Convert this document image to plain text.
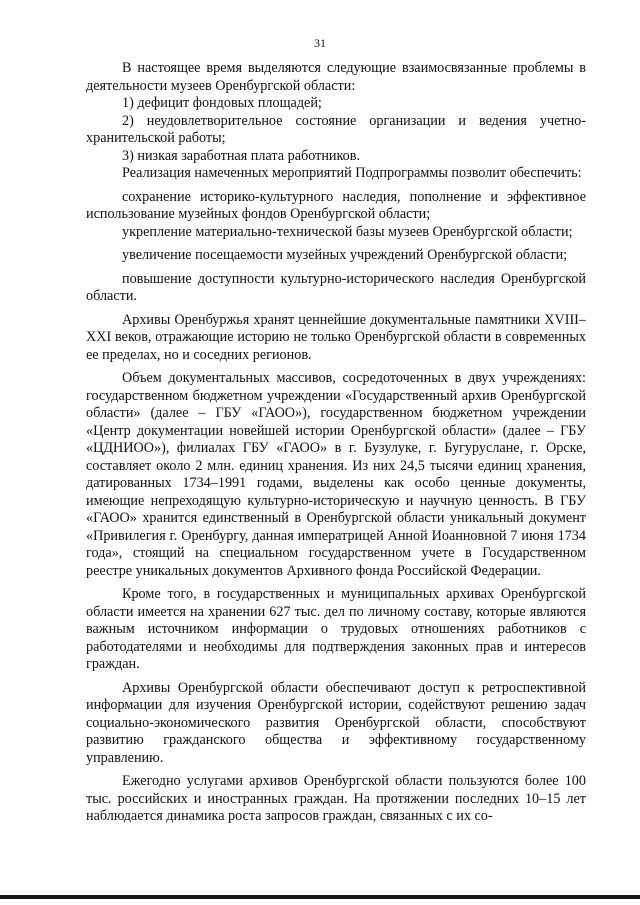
31

В настоящее время выделяются следующие взаимосвязанные проблемы в деятельности музеев Оренбургской области:

1) дефицит фондовых площадей;

2) неудовлетворительное состояние организации и ведения учетно-хранительской работы;

3) низкая заработная плата работников.

Реализация намеченных мероприятий Подпрограммы позволит обеспечить:

сохранение историко-культурного наследия, пополнение и эффективное использование музейных фондов Оренбургской области;

укрепление материально-технической базы музеев Оренбургской области;

увеличение посещаемости музейных учреждений Оренбургской области;

повышение доступности культурно-исторического наследия Оренбургской области.

Архивы Оренбуржья хранят ценнейшие документальные памятники XVIII–XXI веков, отражающие историю не только Оренбургской области в современных ее пределах, но и соседних регионов.

Объем документальных массивов, сосредоточенных в двух учреждениях: государственном бюджетном учреждении «Государственный архив Оренбургской области» (далее – ГБУ «ГАОО»), государственном бюджетном учреждении «Центр документации новейшей истории Оренбургской области» (далее – ГБУ «ЦДНИОО»), филиалах ГБУ «ГАОО» в г. Бузулуке, г. Бугуруслане, г. Орске, составляет около 2 млн. единиц хранения. Из них 24,5 тысячи единиц хранения, датированных 1734–1991 годами, выделены как особо ценные документы, имеющие непреходящую культурно-историческую и научную ценность. В ГБУ «ГАОО» хранится единственный в Оренбургской области уникальный документ «Привилегия г. Оренбургу, данная императрицей Анной Иоанновной 7 июня 1734 года», стоящий на специальном государственном учете в Государственном реестре уникальных документов Архивного фонда Российской Федерации.

Кроме того, в государственных и муниципальных архивах Оренбургской области имеется на хранении 627 тыс. дел по личному составу, которые являются важным источником информации о трудовых отношениях работников с работодателями и необходимы для подтверждения законных прав и интересов граждан.

Архивы Оренбургской области обеспечивают доступ к ретроспективной информации для изучения Оренбургской истории, содействуют решению задач социально-экономического развития Оренбургской области, способствуют развитию гражданского общества и эффективному государственному управлению.

Ежегодно услугами архивов Оренбургской области пользуются более 100 тыс. российских и иностранных граждан. На протяжении последних 10–15 лет наблюдается динамика роста запросов граждан, связанных с их со-
